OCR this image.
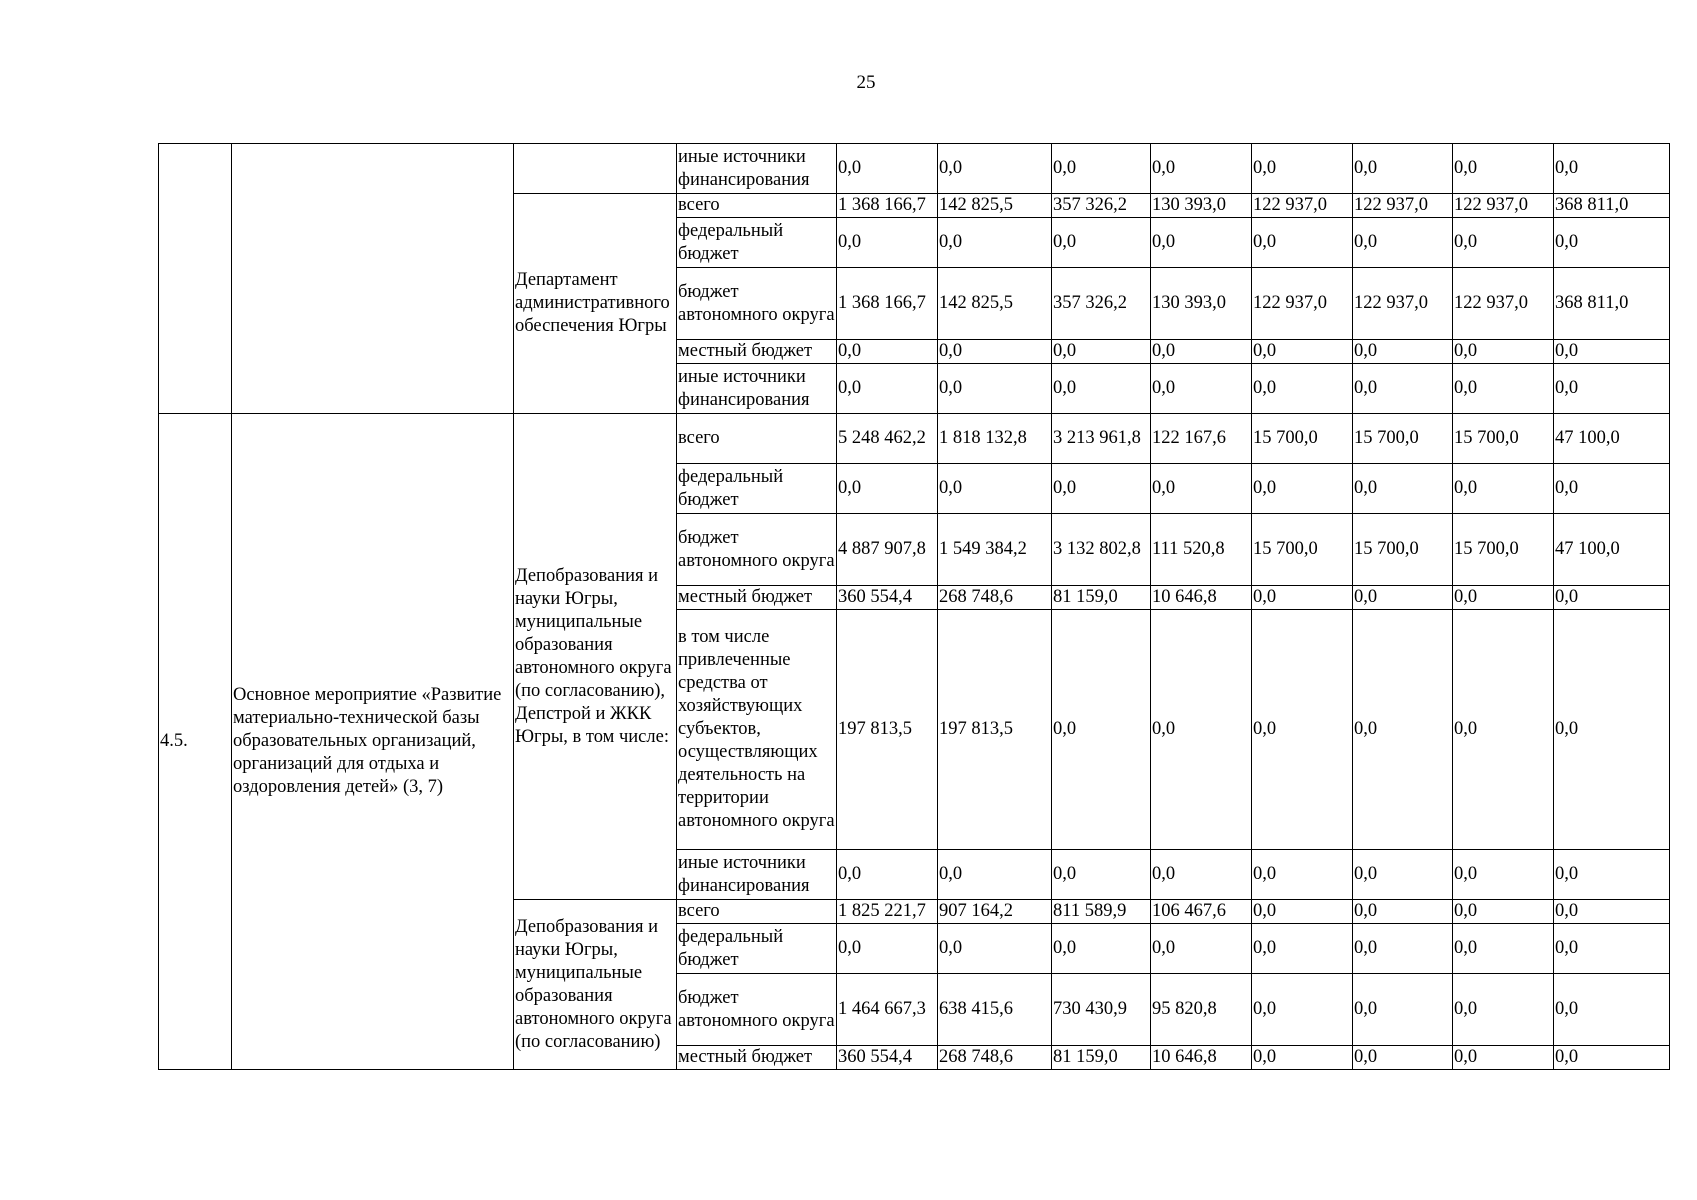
25
			иные источники финансирования	0,0	0,0	0,0	0,0	0,0	0,0	0,0	0,0
		Департамент административного обеспечения Югры	всего	1 368 166,7	142 825,5	357 326,2	130 393,0	122 937,0	122 937,0	122 937,0	368 811,0
			федеральный бюджет	0,0	0,0	0,0	0,0	0,0	0,0	0,0	0,0
			бюджет автономного округа	1 368 166,7	142 825,5	357 326,2	130 393,0	122 937,0	122 937,0	122 937,0	368 811,0
			местный бюджет	0,0	0,0	0,0	0,0	0,0	0,0	0,0	0,0
			иные источники финансирования	0,0	0,0	0,0	0,0	0,0	0,0	0,0	0,0
4.5.	Основное мероприятие «Развитие материально-технической базы образовательных организаций, организаций для отдыха и оздоровления детей» (3, 7)	Депобразования и науки Югры, муниципальные образования автономного округа (по согласованию), Депстрой и ЖКК Югры, в том числе:	всего	5 248 462,2	1 818 132,8	3 213 961,8	122 167,6	15 700,0	15 700,0	15 700,0	47 100,0
			федеральный бюджет	0,0	0,0	0,0	0,0	0,0	0,0	0,0	0,0
			бюджет автономного округа	4 887 907,8	1 549 384,2	3 132 802,8	111 520,8	15 700,0	15 700,0	15 700,0	47 100,0
			местный бюджет	360 554,4	268 748,6	81 159,0	10 646,8	0,0	0,0	0,0	0,0
			в том числе привлеченные средства от хозяйствующих субъектов, осуществляющих деятельность на территории автономного округа	197 813,5	197 813,5	0,0	0,0	0,0	0,0	0,0	0,0
			иные источники финансирования	0,0	0,0	0,0	0,0	0,0	0,0	0,0	0,0
		Депобразования и науки Югры, муниципальные образования автономного округа (по согласованию)	всего	1 825 221,7	907 164,2	811 589,9	106 467,6	0,0	0,0	0,0	0,0
			федеральный бюджет	0,0	0,0	0,0	0,0	0,0	0,0	0,0	0,0
			бюджет автономного округа	1 464 667,3	638 415,6	730 430,9	95 820,8	0,0	0,0	0,0	0,0
			местный бюджет	360 554,4	268 748,6	81 159,0	10 646,8	0,0	0,0	0,0	0,0
